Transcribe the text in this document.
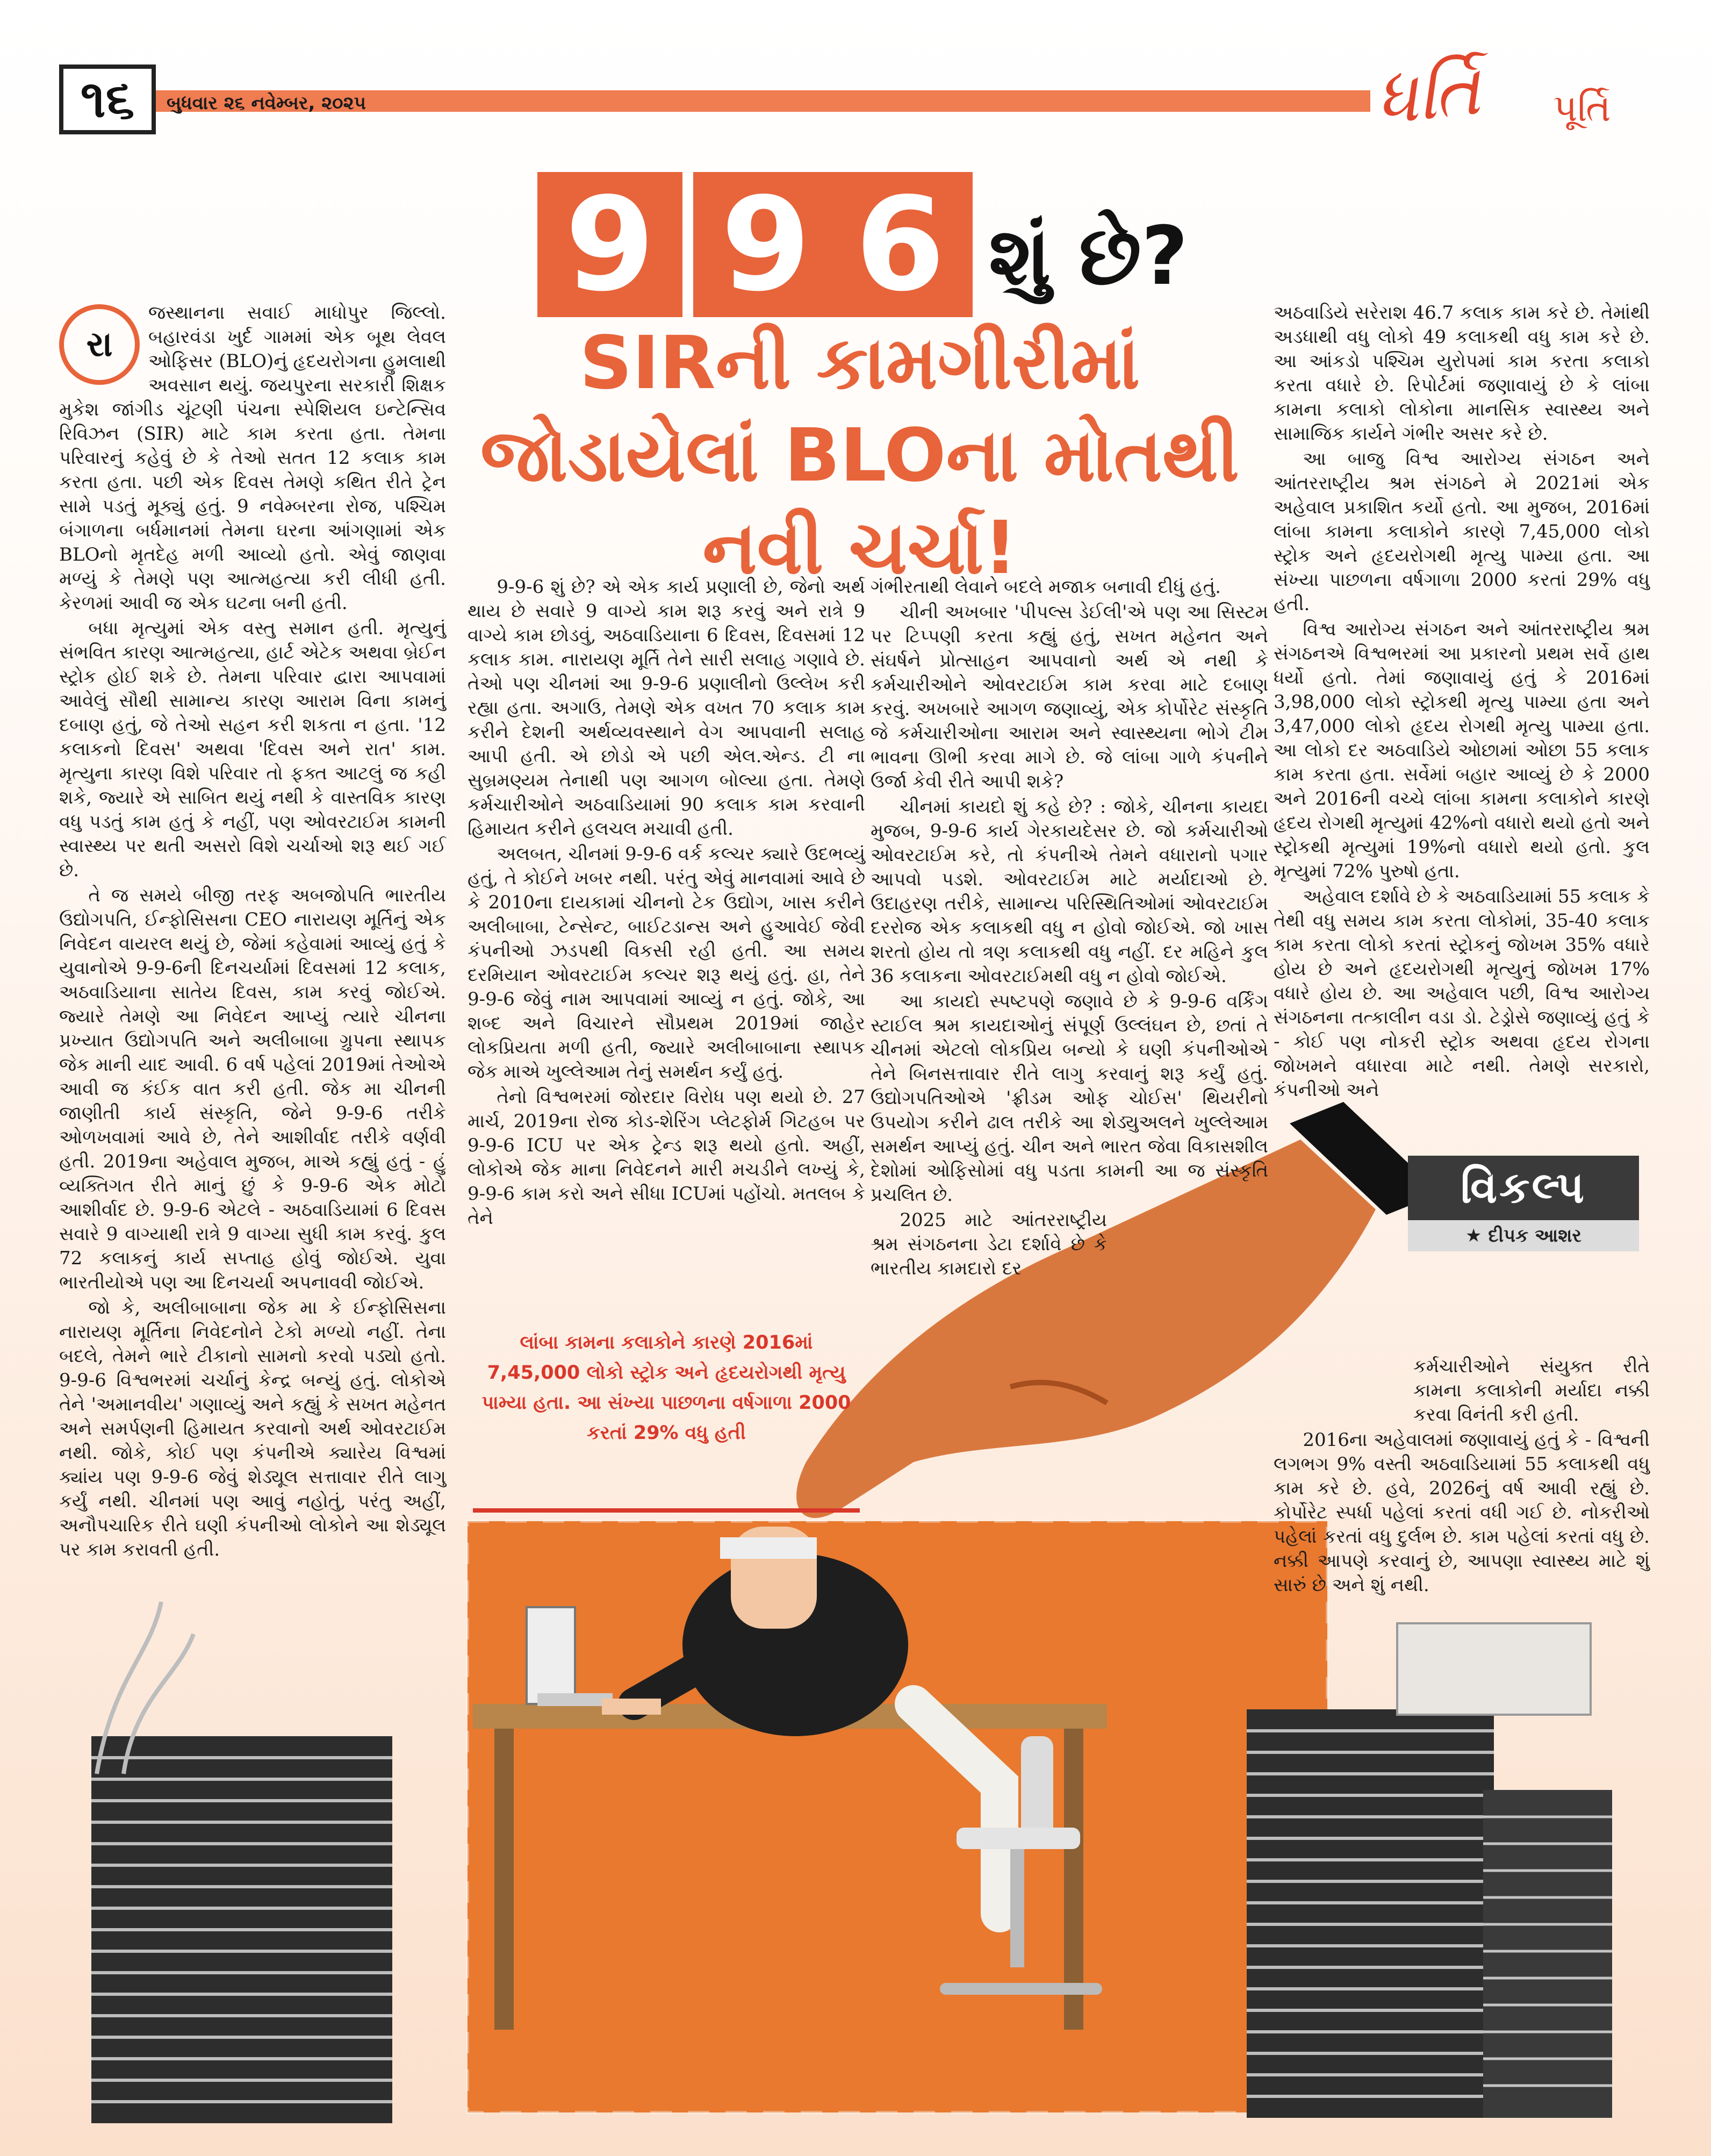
૧૬	બુધવાર ૨૬ નવેમ્બર, ૨૦૨૫	ધર્તિ પૂર્તિ
9 9 6 શું છે?
SIRની કામગીરીમાં જોડાયેલાં BLOના મોતથી નવી ચર્ચા!
રા

જસ્થાનના સવાઈ માધોપુર જિલ્લો. બહારવંડા ખુર્દ ગામમાં એક બૂથ લેવલ ઓફિસર (BLO)નું હૃદયરોગના હુમલાથી અવસાન થયું. જયપુરના સરકારી શિક્ષક મુકેશ જાંગીડ ચૂંટણી પંચના સ્પેશિયલ ઇન્ટેન્સિવ રિવિઝન (SIR) માટે કામ કરતા હતા. તેમના પરિવારનું કહેવું છે કે તેઓ સતત 12 કલાક કામ કરતા હતા. પછી એક દિવસ તેમણે કથિત રીતે ટ્રેન સામે પડતું મૂક્યું હતું. 9 નવેમ્બરના રોજ, પશ્ચિમ બંગાળના બર્ધમાનમાં તેમના ઘરના આંગણામાં એક BLOનો મૃતદેહ મળી આવ્યો હતો. એવું જાણવા મળ્યું કે તેમણે પણ આત્મહત્યા કરી લીધી હતી. કેરળમાં આવી જ એક ઘટના બની હતી.

બધા મૃત્યુમાં એક વસ્તુ સમાન હતી. મૃત્યુનું સંભવિત કારણ આત્મહત્યા, હાર્ટ એટેક અથવા બ્રેઈન સ્ટ્રોક હોઈ શકે છે. તેમના પરિવાર દ્વારા આપવામાં આવેલું સૌથી સામાન્ય કારણ આરામ વિના કામનું દબાણ હતું, જે તેઓ સહન કરી શકતા ન હતા. '12 કલાકનો દિવસ' અથવા 'દિવસ અને રાત' કામ. મૃત્યુના કારણ વિશે પરિવાર તો ફક્ત આટલું જ કહી શકે, જ્યારે એ સાબિત થયું નથી કે વાસ્તવિક કારણ વધુ પડતું કામ હતું કે નહીં, પણ ઓવરટાઈમ કામની સ્વાસ્થ્ય પર થતી અસરો વિશે ચર્ચાઓ શરૂ થઈ ગઈ છે.

તે જ સમયે બીજી તરફ અબજોપતિ ભારતીય ઉદ્યોગપતિ, ઈન્ફોસિસના CEO નારાયણ મૂર્તિનું એક નિવેદન વાયરલ થયું છે, જેમાં કહેવામાં આવ્યું હતું કે યુવાનોએ 9-9-6ની દિનચર્યામાં દિવસમાં 12 કલાક, અઠવાડિયાના સાતેય દિવસ, કામ કરવું જોઈએ. જ્યારે તેમણે આ નિવેદન આપ્યું ત્યારે ચીનના પ્રખ્યાત ઉદ્યોગપતિ અને અલીબાબા ગ્રુપના સ્થાપક જેક માની યાદ આવી. 6 વર્ષ પહેલાં 2019માં તેઓએ આવી જ કંઈક વાત કરી હતી. જેક મા ચીનની જાણીતી કાર્ય સંસ્કૃતિ, જેને 9-9-6 તરીકે ઓળખવામાં આવે છે, તેને આશીર્વાદ તરીકે વર્ણવી હતી. 2019ના અહેવાલ મુજબ, માએ કહ્યું હતું - હું વ્યક્તિગત રીતે માનું છું કે 9-9-6 એક મોટો આશીર્વાદ છે. 9-9-6 એટલે - અઠવાડિયામાં 6 દિવસ સવારે 9 વાગ્યાથી રાત્રે 9 વાગ્યા સુધી કામ કરવું. કુલ 72 કલાકનું કાર્ય સપ્તાહ હોવું જોઈએ. યુવા ભારતીયોએ પણ આ દિનચર્યા અપનાવવી જોઈએ.

જો કે, અલીબાબાના જેક મા કે ઈન્ફોસિસના નારાયણ મૂર્તિના નિવેદનોને ટેકો મળ્યો નહીં. તેના બદલે, તેમને ભારે ટીકાનો સામનો કરવો પડ્યો હતો. 9-9-6 વિશ્વભરમાં ચર્ચાનું કેન્દ્ર બન્યું હતું. લોકોએ તેને 'અમાનવીય' ગણાવ્યું અને કહ્યું કે સખત મહેનત અને સમર્પણની હિમાયત કરવાનો અર્થ ઓવરટાઈમ નથી. જોકે, કોઈ પણ કંપનીએ ક્યારેય વિશ્વમાં ક્યાંય પણ 9-9-6 જેવું શેડ્યૂલ સત્તાવાર રીતે લાગુ કર્યું નથી. ચીનમાં પણ આવું નહોતું, પરંતુ અહીં, અનૌપચારિક રીતે ઘણી કંપનીઓ લોકોને આ શેડ્યૂલ પર કામ કરાવતી હતી.

9-9-6 શું છે? એ એક કાર્ય પ્રણાલી છે, જેનો અર્થ થાય છે સવારે 9 વાગ્યે કામ શરૂ કરવું અને રાત્રે 9 વાગ્યે કામ છોડવું, અઠવાડિયાના 6 દિવસ, દિવસમાં 12 કલાક કામ. નારાયણ મૂર્તિ તેને સારી સલાહ ગણાવે છે. તેઓ પણ ચીનમાં આ 9-9-6 પ્રણાલીનો ઉલ્લેખ કરી રહ્યા હતા. અગાઉ, તેમણે એક વખત 70 કલાક કામ કરીને દેશની અર્થવ્યવસ્થાને વેગ આપવાની સલાહ આપી હતી. એ છોડો એ પછી એલ.એન્ડ. ટી ના સુબ્રમણ્યમ તેનાથી પણ આગળ બોલ્યા હતા. તેમણે કર્મચારીઓને અઠવાડિયામાં 90 કલાક કામ કરવાની હિમાયત કરીને હલચલ મચાવી હતી.

અલબત, ચીનમાં 9-9-6 વર્ક કલ્ચર ક્યારે ઉદભવ્યું હતું, તે કોઈને ખબર નથી. પરંતુ એવું માનવામાં આવે છે કે 2010ના દાયકામાં ચીનનો ટેક ઉદ્યોગ, ખાસ કરીને અલીબાબા, ટેન્સેન્ટ, બાઈટડાન્સ અને હુઆવેઈ જેવી કંપનીઓ ઝડપથી વિકસી રહી હતી. આ સમય દરમિયાન ઓવરટાઈમ કલ્ચર શરૂ થયું હતું. હા, તેને 9-9-6 જેવું નામ આપવામાં આવ્યું ન હતું. જોકે, આ શબ્દ અને વિચારને સૌપ્રથમ 2019માં જાહેર લોકપ્રિયતા મળી હતી, જ્યારે અલીબાબાના સ્થાપક જેક માએ ખુલ્લેઆમ તેનું સમર્થન કર્યું હતું.

તેનો વિશ્વભરમાં જોરદાર વિરોધ પણ થયો છે. 27 માર્ચ, 2019ના રોજ કોડ-શેરિંગ પ્લેટફોર્મ ગિટહબ પર 9-9-6 ICU પર એક ટ્રેન્ડ શરૂ થયો હતો. અહીં, લોકોએ જેક માના નિવેદનને મારી મચડીને લખ્યું કે, 9-9-6 કામ કરો અને સીધા ICUમાં પહોંચો. મતલબ કે તેને

લાંબા કામના કલાકોને કારણે 2016માં 7,45,000 લોકો સ્ટ્રોક અને હૃદયરોગથી મૃત્યુ પામ્યા હતા. આ સંખ્યા પાછળના વર્ષગાળા 2000 કરતાં 29% વધુ હતી

ગંભીરતાથી લેવાને બદલે મજાક બનાવી દીધું હતું.

ચીની અખબાર 'પીપલ્સ ડેઈલી'એ પણ આ સિસ્ટમ પર ટિપ્પણી કરતા કહ્યું હતું, સખત મહેનત અને સંઘર્ષને પ્રોત્સાહન આપવાનો અર્થ એ નથી કે કર્મચારીઓને ઓવરટાઈમ કામ કરવા માટે દબાણ કરવું. અખબારે આગળ જણાવ્યું, એક કોર્પોરેટ સંસ્કૃતિ જે કર્મચારીઓના આરામ અને સ્વાસ્થ્યના ભોગે ટીમ ભાવના ઊભી કરવા માગે છે. જે લાંબા ગાળે કંપનીને ઉર્જા કેવી રીતે આપી શકે?

ચીનમાં કાયદો શું કહે છે? : જોકે, ચીનના કાયદા મુજબ, 9-9-6 કાર્ય ગેરકાયદેસર છે. જો કર્મચારીઓ ઓવરટાઈમ કરે, તો કંપનીએ તેમને વધારાનો પગાર આપવો પડશે. ઓવરટાઈમ માટે મર્યાદાઓ છે. ઉદાહરણ તરીકે, સામાન્ય પરિસ્થિતિઓમાં ઓવરટાઈમ દરરોજ એક કલાકથી વધુ ન હોવો જોઈએ. જો ખાસ શરતો હોય તો ત્રણ કલાકથી વધુ નહીં. દર મહિને કુલ 36 કલાકના ઓવરટાઈમથી વધુ ન હોવો જોઈએ.

આ કાયદો સ્પષ્ટપણે જણાવે છે કે 9-9-6 વર્કિંગ સ્ટાઈલ શ્રમ કાયદાઓનું સંપૂર્ણ ઉલ્લંઘન છે, છતાં તે ચીનમાં એટલો લોકપ્રિય બન્યો કે ઘણી કંપનીઓએ તેને બિનસત્તાવાર રીતે લાગુ કરવાનું શરૂ કર્યું હતું. ઉદ્યોગપતિઓએ 'ફ્રીડમ ઓફ ચોઈસ' થિયરીનો ઉપયોગ કરીને ઢાલ તરીકે આ શેડ્યુઅલને ખુલ્લેઆમ સમર્થન આપ્યું હતું. ચીન અને ભારત જેવા વિકાસશીલ દેશોમાં ઓફિસોમાં વધુ પડતા કામની આ જ સંસ્કૃતિ પ્રચલિત છે.

2025 માટે આંતરરાષ્ટ્રીય શ્રમ સંગઠનના ડેટા દર્શાવે છે કે ભારતીય કામદારો દર

અઠવાડિયે સરેરાશ 46.7 કલાક કામ કરે છે. તેમાંથી અડધાથી વધુ લોકો 49 કલાકથી વધુ કામ કરે છે. આ આંકડો પશ્ચિમ યુરોપમાં કામ કરતા કલાકો કરતા વધારે છે. રિપોર્ટમાં જણાવાયું છે કે લાંબા કામના કલાકો લોકોના માનસિક સ્વાસ્થ્ય અને સામાજિક કાર્યને ગંભીર અસર કરે છે.

આ બાજુ વિશ્વ આરોગ્ય સંગઠન અને આંતરરાષ્ટ્રીય શ્રમ સંગઠને મે 2021માં એક અહેવાલ પ્રકાશિત કર્યો હતો. આ મુજબ, 2016માં લાંબા કામના કલાકોને કારણે 7,45,000 લોકો સ્ટ્રોક અને હૃદયરોગથી મૃત્યુ પામ્યા હતા. આ સંખ્યા પાછળના વર્ષગાળા 2000 કરતાં 29% વધુ હતી.

વિશ્વ આરોગ્ય સંગઠન અને આંતરરાષ્ટ્રીય શ્રમ સંગઠનએ વિશ્વભરમાં આ પ્રકારનો પ્રથમ સર્વે હાથ ધર્યો હતો. તેમાં જણાવાયું હતું કે 2016માં 3,98,000 લોકો સ્ટ્રોકથી મૃત્યુ પામ્યા હતા અને 3,47,000 લોકો હૃદય રોગથી મૃત્યુ પામ્યા હતા. આ લોકો દર અઠવાડિયે ઓછામાં ઓછા 55 કલાક કામ કરતા હતા. સર્વેમાં બહાર આવ્યું છે કે 2000 અને 2016ની વચ્ચે લાંબા કામના કલાકોને કારણે હૃદય રોગથી મૃત્યુમાં 42%નો વધારો થયો હતો અને સ્ટ્રોકથી મૃત્યુમાં 19%નો વધારો થયો હતો. કુલ મૃત્યુમાં 72% પુરુષો હતા.

અહેવાલ દર્શાવે છે કે અઠવાડિયામાં 55 કલાક કે તેથી વધુ સમય કામ કરતા લોકોમાં, 35-40 કલાક કામ કરતા લોકો કરતાં સ્ટ્રોકનું જોખમ 35% વધારે હોય છે અને હૃદયરોગથી મૃત્યુનું જોખમ 17% વધારે હોય છે. આ અહેવાલ પછી, વિશ્વ આરોગ્ય સંગઠનના તત્કાલીન વડા ડો. ટેડ્રોસે જણાવ્યું હતું કે - કોઈ પણ નોકરી સ્ટ્રોક અથવા હૃદય રોગના જોખમને વધારવા માટે નથી. તેમણે સરકારો, કંપનીઓ અને

વિકલ્પ
★ દીપક આશર

કર્મચારીઓને સંયુક્ત રીતે કામના કલાકોની મર્યાદા નક્કી કરવા વિનંતી કરી હતી.

2016ના અહેવાલમાં જણાવાયું હતું કે - વિશ્વની લગભગ 9% વસ્તી અઠવાડિયામાં 55 કલાકથી વધુ કામ કરે છે. હવે, 2026નું વર્ષ આવી રહ્યું છે. કોર્પોરેટ સ્પર્ધા પહેલાં કરતાં વધી ગઈ છે. નોકરીઓ પહેલાં કરતાં વધુ દુર્લભ છે. કામ પહેલાં કરતાં વધુ છે. નક્કી આપણે કરવાનું છે, આપણા સ્વાસ્થ્ય માટે શું સારું છે અને શું નથી.
